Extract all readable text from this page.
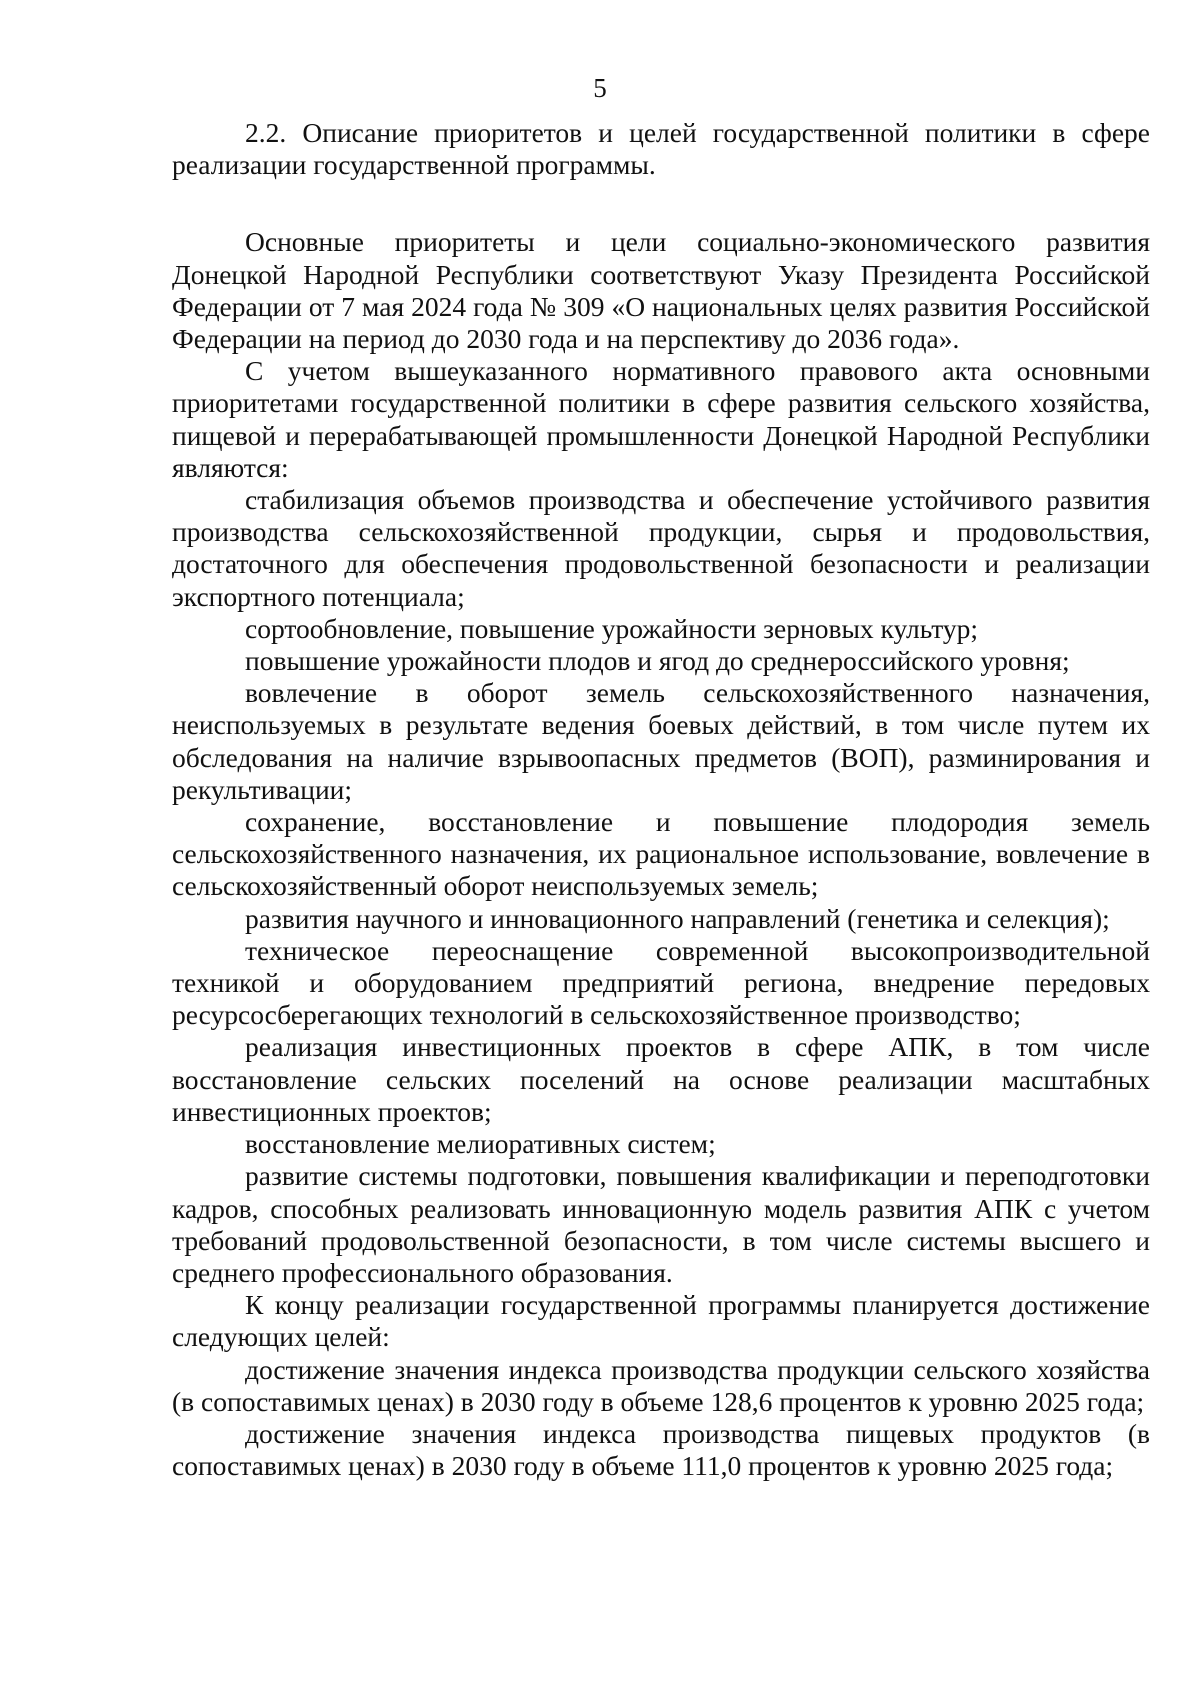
5

2.2. Описание приоритетов и целей государственной политики в сфере реализации государственной программы.

Основные приоритеты и цели социально-экономического развития Донецкой Народной Республики соответствуют Указу Президента Российской Федерации от 7 мая 2024 года № 309 «О национальных целях развития Российской Федерации на период до 2030 года и на перспективу до 2036 года».

С учетом вышеуказанного нормативного правового акта основными приоритетами государственной политики в сфере развития сельского хозяйства, пищевой и перерабатывающей промышленности Донецкой Народной Республики являются:

стабилизация объемов производства и обеспечение устойчивого развития производства сельскохозяйственной продукции, сырья и продовольствия, достаточного для обеспечения продовольственной безопасности и реализации экспортного потенциала;

сортообновление, повышение урожайности зерновых культур;

повышение урожайности плодов и ягод до среднероссийского уровня;

вовлечение в оборот земель сельскохозяйственного назначения, неиспользуемых в результате ведения боевых действий, в том числе путем их обследования на наличие взрывоопасных предметов (ВОП), разминирования и рекультивации;

сохранение, восстановление и повышение плодородия земель сельскохозяйственного назначения, их рациональное использование, вовлечение в сельскохозяйственный оборот неиспользуемых земель;

развития научного и инновационного направлений (генетика и селекция);

техническое переоснащение современной высокопроизводительной техникой и оборудованием предприятий региона, внедрение передовых ресурсосберегающих технологий в сельскохозяйственное производство;

реализация инвестиционных проектов в сфере АПК, в том числе восстановление сельских поселений на основе реализации масштабных инвестиционных проектов;

восстановление мелиоративных систем;

развитие системы подготовки, повышения квалификации и переподготовки кадров, способных реализовать инновационную модель развития АПК с учетом требований продовольственной безопасности, в том числе системы высшего и среднего профессионального образования.

К концу реализации государственной программы планируется достижение следующих целей:

достижение значения индекса производства продукции сельского хозяйства (в сопоставимых ценах) в 2030 году в объеме 128,6 процентов к уровню 2025 года;

достижение значения индекса производства пищевых продуктов (в сопоставимых ценах) в 2030 году в объеме 111,0 процентов к уровню 2025 года;
